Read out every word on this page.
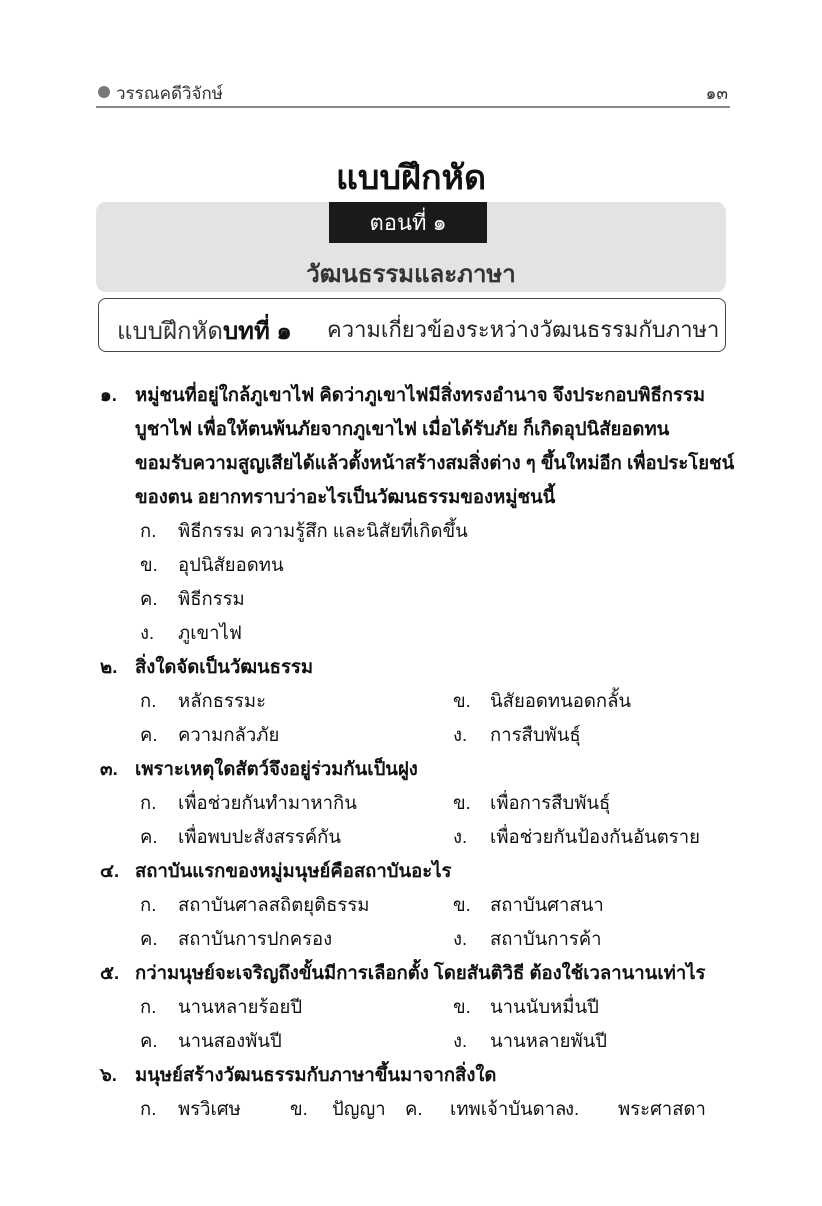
วรรณคดีวิจักษ์	๑๓
แบบฝึกหัด
ตอนที่ ๑
วัฒนธรรมและภาษา
แบบฝึกหัดบทที่ ๑ ความเกี่ยวข้องระหว่างวัฒนธรรมกับภาษา
๑. หมู่ชนที่อยู่ใกล้ภูเขาไฟ คิดว่าภูเขาไฟมีสิ่งทรงอำนาจ จึงประกอบพิธีกรรม
บูชาไฟ เพื่อให้ตนพ้นภัยจากภูเขาไฟ เมื่อได้รับภัย ก็เกิดอุปนิสัยอดทน
ขอมรับความสูญเสียได้แล้วตั้งหน้าสร้างสมสิ่งต่าง ๆ ขึ้นใหม่อีก เพื่อประโยชน์
ของตน อยากทราบว่าอะไรเป็นวัฒนธรรมของหมู่ชนนี้
ก. พิธีกรรม ความรู้สึก และนิสัยที่เกิดขึ้น
ข. อุปนิสัยอดทน
ค. พิธีกรรม
ง. ภูเขาไฟ
๒. สิ่งใดจัดเป็นวัฒนธรรม
ก. หลักธรรมะ	ข. นิสัยอดทนอดกลั้น
ค. ความกลัวภัย	ง. การสืบพันธุ์
๓. เพราะเหตุใดสัตว์จึงอยู่ร่วมกันเป็นฝูง
ก. เพื่อช่วยกันทำมาหากิน	ข. เพื่อการสืบพันธุ์
ค. เพื่อพบปะสังสรรค์กัน	ง. เพื่อช่วยกันป้องกันอันตราย
๔. สถาบันแรกของหมู่มนุษย์คือสถาบันอะไร
ก. สถาบันศาลสถิตยุติธรรม	ข. สถาบันศาสนา
ค. สถาบันการปกครอง	ง. สถาบันการค้า
๕. กว่ามนุษย์จะเจริญถึงขั้นมีการเลือกตั้ง โดยสันติวิธี ต้องใช้เวลานานเท่าไร
ก. นานหลายร้อยปี	ข. นานนับหมื่นปี
ค. นานสองพันปี	ง. นานหลายพันปี
๖. มนุษย์สร้างวัฒนธรรมกับภาษาขึ้นมาจากสิ่งใด
ก. พรวิเศษ	ข. ปัญญา ค. เทพเจ้าบันดาล
ง. พระศาสดา
